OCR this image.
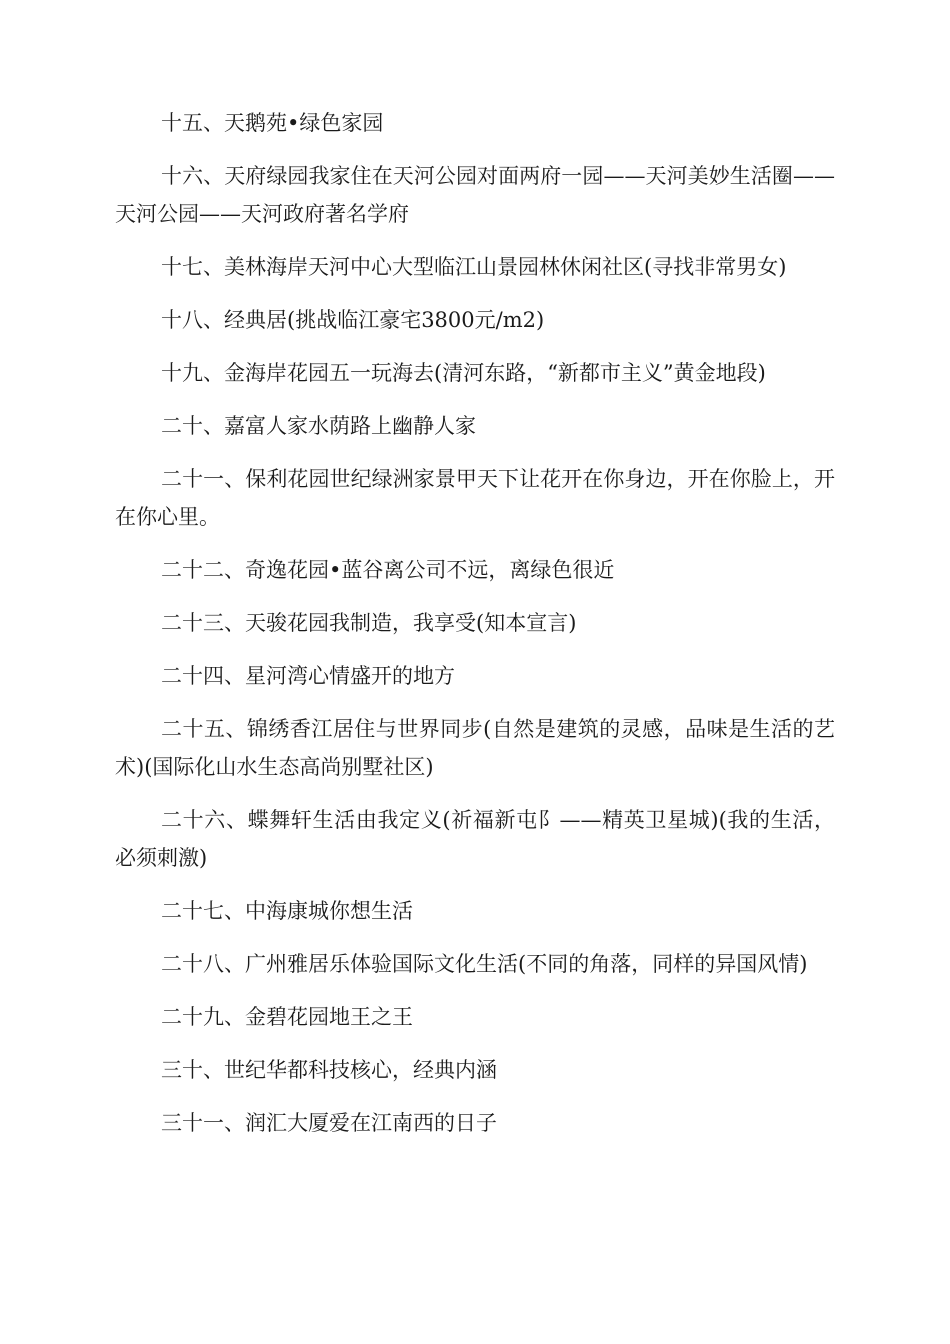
十五、天鹅苑•绿色家园

十六、天府绿园我家住在天河公园对面两府一园——天河美妙生活圈——天河公园——天河政府著名学府

十七、美林海岸天河中心大型临江山景园林休闲社区(寻找非常男女)

十八、经典居(挑战临江豪宅3800元/m2)

十九、金海岸花园五一玩海去(清河东路，“新都市主义”黄金地段)

二十、嘉富人家水荫路上幽静人家

二十一、保利花园世纪绿洲家景甲天下让花开在你身边，开在你脸上，开在你心里。

二十二、奇逸花园•蓝谷离公司不远，离绿色很近

二十三、天骏花园我制造，我享受(知本宣言)

二十四、星河湾心情盛开的地方

二十五、锦绣香江居住与世界同步(自然是建筑的灵感，品味是生活的艺术)(国际化山水生态高尚别墅社区)

二十六、蝶舞轩生活由我定义(祈福新屯阝——精英卫星城)(我的生活，必须刺激)

二十七、中海康城你想生活

二十八、广州雅居乐体验国际文化生活(不同的角落，同样的异国风情)

二十九、金碧花园地王之王

三十、世纪华都科技核心，经典内涵

三十一、润汇大厦爱在江南西的日子
